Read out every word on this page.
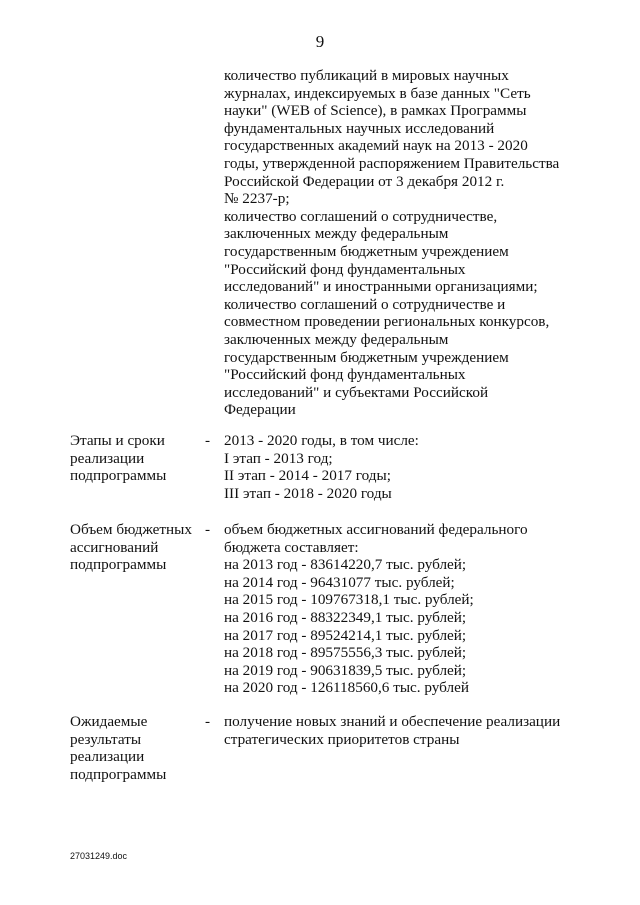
9
количество публикаций в мировых научных
журналах, индексируемых в базе данных "Сеть
науки" (WEB of Science), в рамках Программы
фундаментальных научных исследований
государственных академий наук на 2013 - 2020
годы, утвержденной распоряжением Правительства
Российской Федерации от 3 декабря 2012 г.
№ 2237-р;
количество соглашений о сотрудничестве,
заключенных между федеральным
государственным бюджетным учреждением
"Российский фонд фундаментальных
исследований" и иностранными организациями;
количество соглашений о сотрудничестве и
совместном проведении региональных конкурсов,
заключенных между федеральным
государственным бюджетным учреждением
"Российский фонд фундаментальных
исследований" и субъектами Российской
Федерации
Этапы и сроки
реализации
подпрограммы
- 2013 - 2020 годы, в том числе:
I этап - 2013 год;
II этап - 2014 - 2017 годы;
III этап - 2018 - 2020 годы
Объем бюджетных
ассигнований
подпрограммы
- объем бюджетных ассигнований федерального
бюджета составляет:
на 2013 год - 83614220,7 тыс. рублей;
на 2014 год - 96431077 тыс. рублей;
на 2015 год - 109767318,1 тыс. рублей;
на 2016 год - 88322349,1 тыс. рублей;
на 2017 год - 89524214,1 тыс. рублей;
на 2018 год - 89575556,3 тыс. рублей;
на 2019 год - 90631839,5 тыс. рублей;
на 2020 год - 126118560,6 тыс. рублей
Ожидаемые
результаты
реализации
подпрограммы
- получение новых знаний и обеспечение реализации
стратегических приоритетов страны
27031249.doc
